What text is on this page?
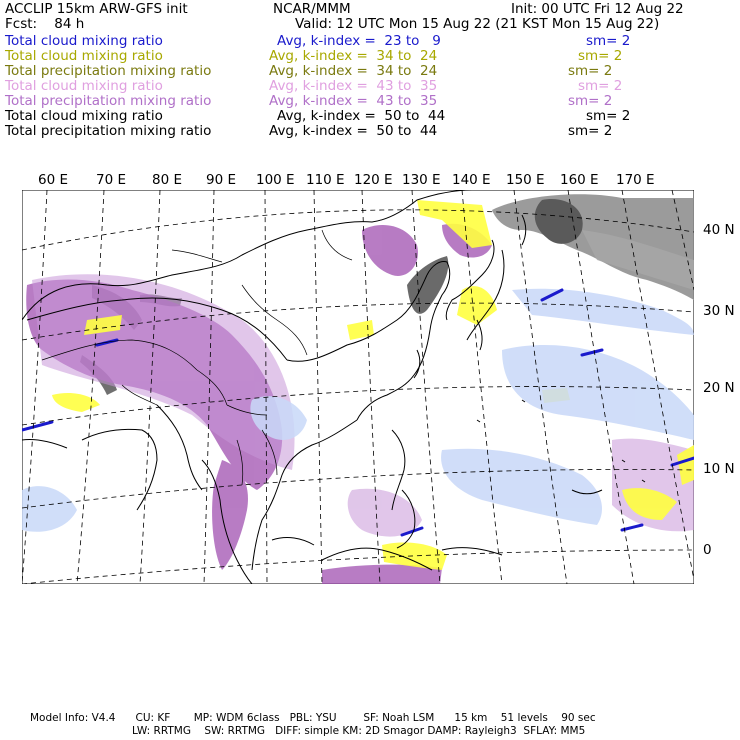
ACCLIP 15km ARW-GFS init	NCAR/MMM	Init: 00 UTC Fri 12 Aug 22
Fcst:    84 h	Valid: 12 UTC Mon 15 Aug 22 (21 KST Mon 15 Aug 22)
Total cloud mixing ratio	Avg, k-index =  23 to   9	sm= 2
Total cloud mixing ratio	Avg, k-index =  34 to  24	sm= 2
Total precipitation mixing ratio	Avg, k-index =  34 to  24	sm= 2
Total cloud mixing ratio	Avg, k-index =  43 to  35	sm= 2
Total precipitation mixing ratio	Avg, k-index =  43 to  35	sm= 2
Total cloud mixing ratio	Avg, k-index =  50 to  44	sm= 2
Total precipitation mixing ratio	Avg, k-index =  50 to  44	sm= 2
60 E 70 E 80 E 90 E 100 E 110 E 120 E 130 E 140 E 150 E 160 E 170 E
40 N
30 N
20 N
10 N
0
Model Info: V4.4      CU: KF       MP: WDM 6class   PBL: YSU        SF: Noah LSM      15 km    51 levels    90 sec
LW: RRTMG    SW: RRTMG   DIFF: simple KM: 2D Smagor DAMP: Rayleigh3  SFLAY: MM5
